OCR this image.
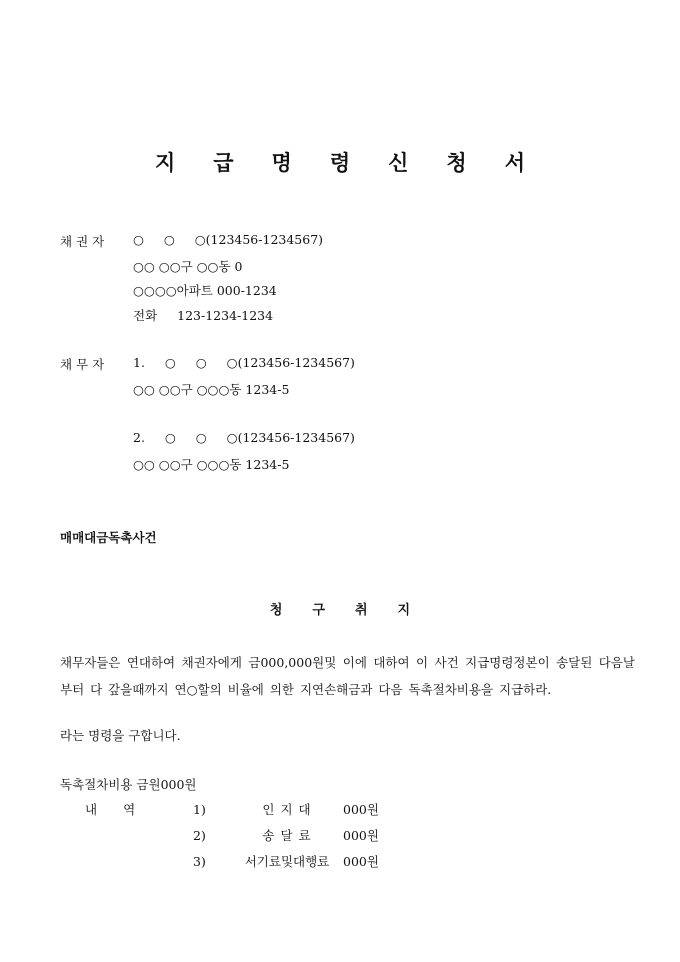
지급명령신청서
채권자 ○ ○ ○(123456-1234567)
○○ ○○구 ○○동 0
○○○○아파트 000-1234
전화 123-1234-1234
채무자 1. ○ ○ ○(123456-1234567)
○○ ○○구 ○○○동 1234-5
2. ○ ○ ○(123456-1234567)
○○ ○○구 ○○○동 1234-5
매매대금독촉사건
청구취지
채무자들은 연대하여 채권자에게 금000,000원및 이에 대하여 이 사건 지급명령정본이 송달된 다음날부터 다 갚을때까지 연○할의 비율에 의한 지연손해금과 다음 독촉절차비용을 지급하라.
라는 명령을 구합니다.
독촉절차비용 금원000원
내역	1)	인 지 대	000원
	2)	송 달 료	000원
	3)	서기료및대행료	000원
